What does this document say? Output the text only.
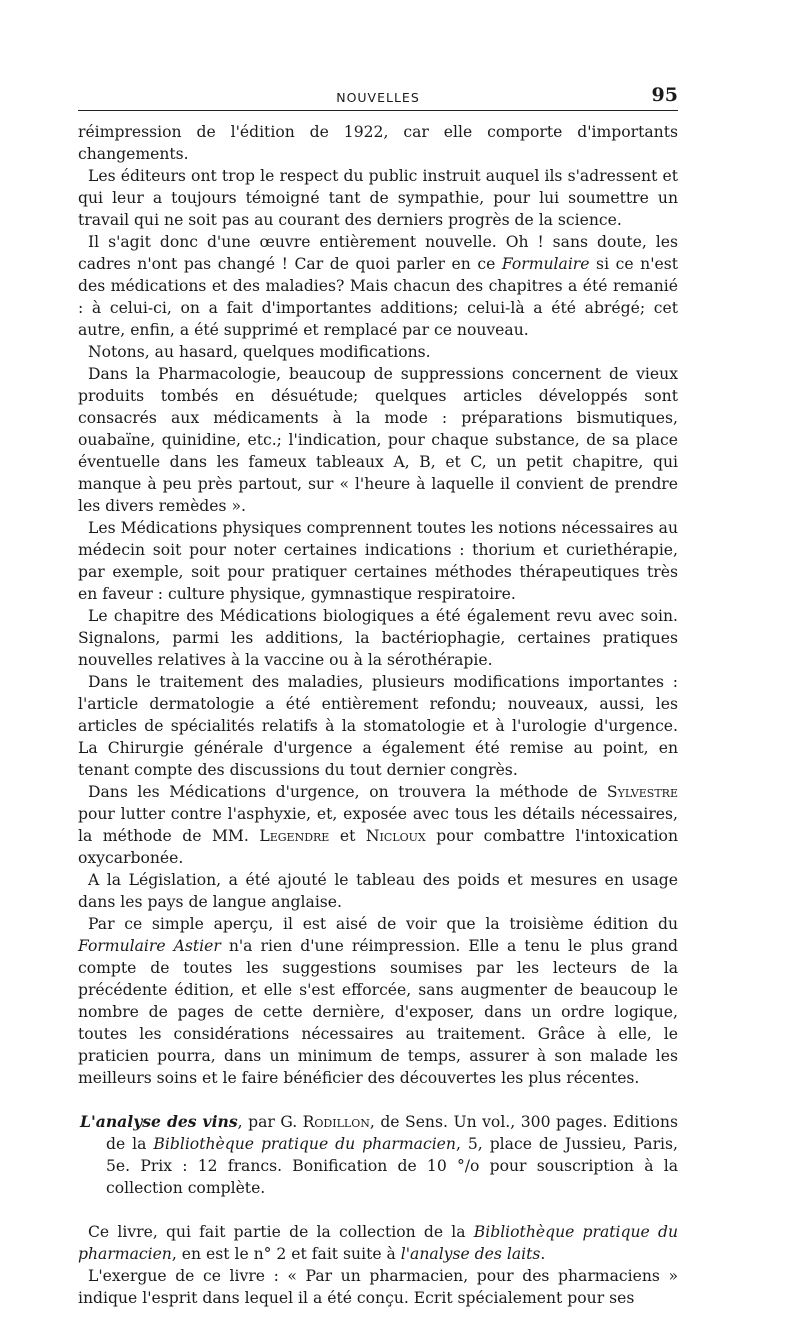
NOUVELLES	95

réimpression de l'édition de 1922, car elle comporte d'importants changements.

Les éditeurs ont trop le respect du public instruit auquel ils s'adressent et qui leur a toujours témoigné tant de sympathie, pour lui soumettre un travail qui ne soit pas au courant des derniers progrès de la science.

Il s'agit donc d'une œuvre entièrement nouvelle. Oh ! sans doute, les cadres n'ont pas changé ! Car de quoi parler en ce Formulaire si ce n'est des médications et des maladies? Mais chacun des chapitres a été remanié : à celui-ci, on a fait d'importantes additions; celui-là a été abrégé; cet autre, enfin, a été supprimé et remplacé par ce nouveau.

Notons, au hasard, quelques modifications.

Dans la Pharmacologie, beaucoup de suppressions concernent de vieux produits tombés en désuétude; quelques articles développés sont consacrés aux médicaments à la mode : préparations bismutiques, ouabaïne, quinidine, etc.; l'indication, pour chaque substance, de sa place éventuelle dans les fameux tableaux A, B, et C, un petit chapitre, qui manque à peu près partout, sur « l'heure à laquelle il convient de prendre les divers remèdes ».

Les Médications physiques comprennent toutes les notions nécessaires au médecin soit pour noter certaines indications : thorium et curiethérapie, par exemple, soit pour pratiquer certaines méthodes thérapeutiques très en faveur : culture physique, gymnastique respiratoire.

Le chapitre des Médications biologiques a été également revu avec soin. Signalons, parmi les additions, la bactériophagie, certaines pratiques nouvelles relatives à la vaccine ou à la sérothérapie.

Dans le traitement des maladies, plusieurs modifications importantes : l'article dermatologie a été entièrement refondu; nouveaux, aussi, les articles de spécialités relatifs à la stomatologie et à l'urologie d'urgence. La Chirurgie générale d'urgence a également été remise au point, en tenant compte des discussions du tout dernier congrès.

Dans les Médications d'urgence, on trouvera la méthode de Sylvestre pour lutter contre l'asphyxie, et, exposée avec tous les détails nécessaires, la méthode de MM. Legendre et Nicloux pour combattre l'intoxication oxycarbonée.

A la Législation, a été ajouté le tableau des poids et mesures en usage dans les pays de langue anglaise.

Par ce simple aperçu, il est aisé de voir que la troisième édition du Formulaire Astier n'a rien d'une réimpression. Elle a tenu le plus grand compte de toutes les suggestions soumises par les lecteurs de la précédente édition, et elle s'est efforcée, sans augmenter de beaucoup le nombre de pages de cette dernière, d'exposer, dans un ordre logique, toutes les considérations nécessaires au traitement. Grâce à elle, le praticien pourra, dans un minimum de temps, assurer à son malade les meilleurs soins et le faire bénéficier des découvertes les plus récentes.

L'analyse des vins, par G. Rodillon, de Sens. Un vol., 300 pages. Editions de la Bibliothèque pratique du pharmacien, 5, place de Jussieu, Paris, 5e. Prix : 12 francs. Bonification de 10 °/o pour souscription à la collection complète.

Ce livre, qui fait partie de la collection de la Bibliothèque pratique du pharmacien, en est le n° 2 et fait suite à l'analyse des laits.

L'exergue de ce livre : « Par un pharmacien, pour des pharmaciens » indique l'esprit dans lequel il a été conçu. Ecrit spécialement pour ses
